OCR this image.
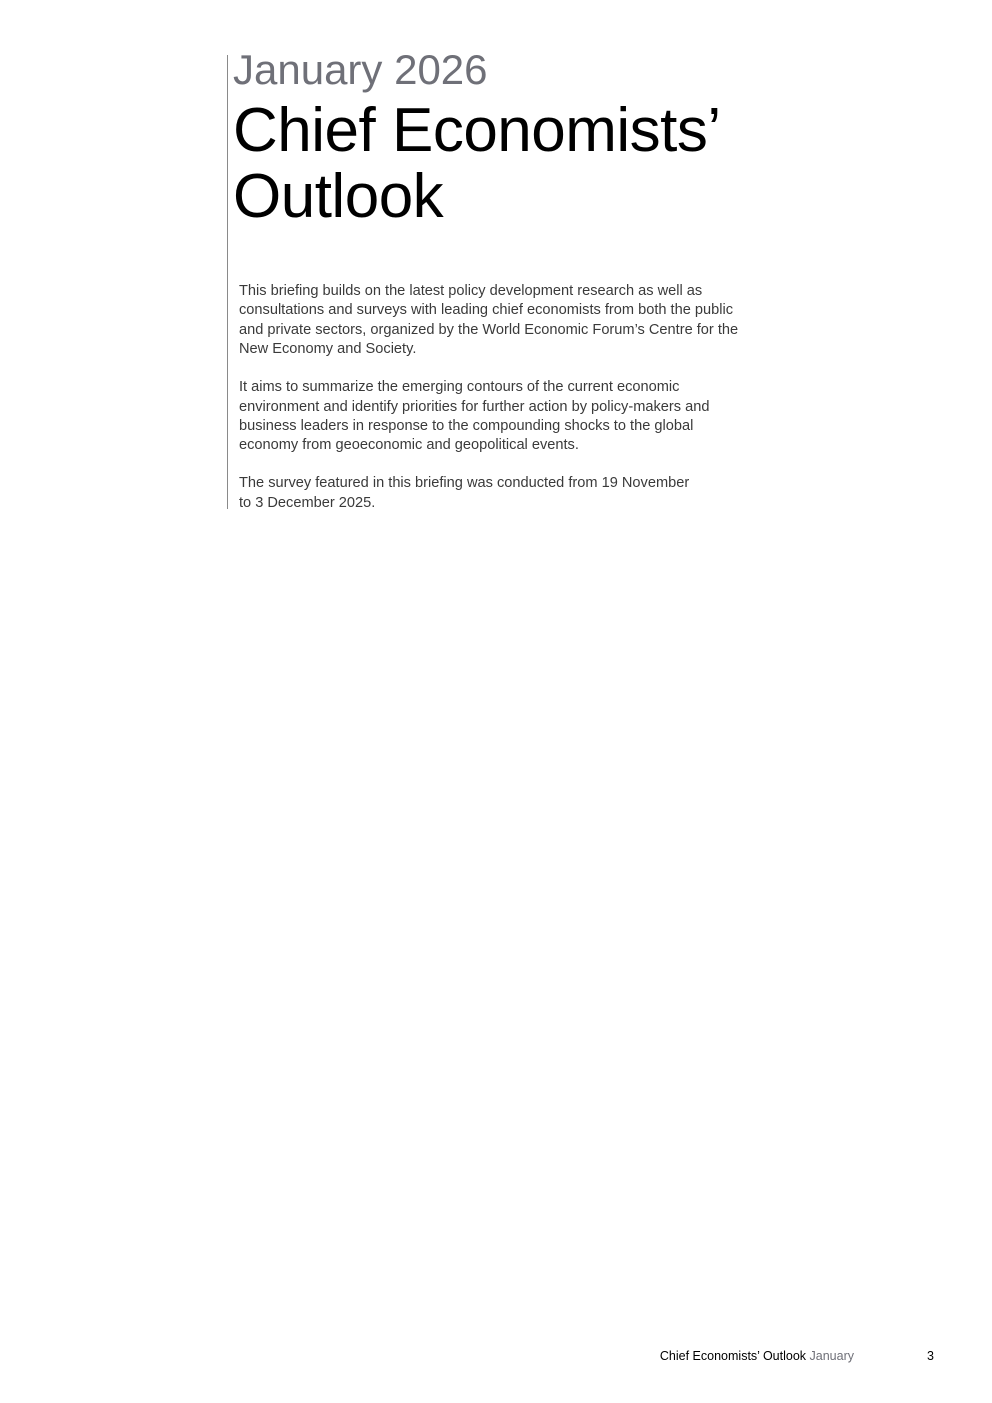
January 2026
Chief Economists’
Outlook

This briefing builds on the latest policy development research as well as
consultations and surveys with leading chief economists from both the public
and private sectors, organized by the World Economic Forum’s Centre for the
New Economy and Society.

It aims to summarize the emerging contours of the current economic
environment and identify priorities for further action by policy-makers and
business leaders in response to the compounding shocks to the global
economy from geoeconomic and geopolitical events.

The survey featured in this briefing was conducted from 19 November
to 3 December 2025.

Chief Economists’ Outlook January	3
